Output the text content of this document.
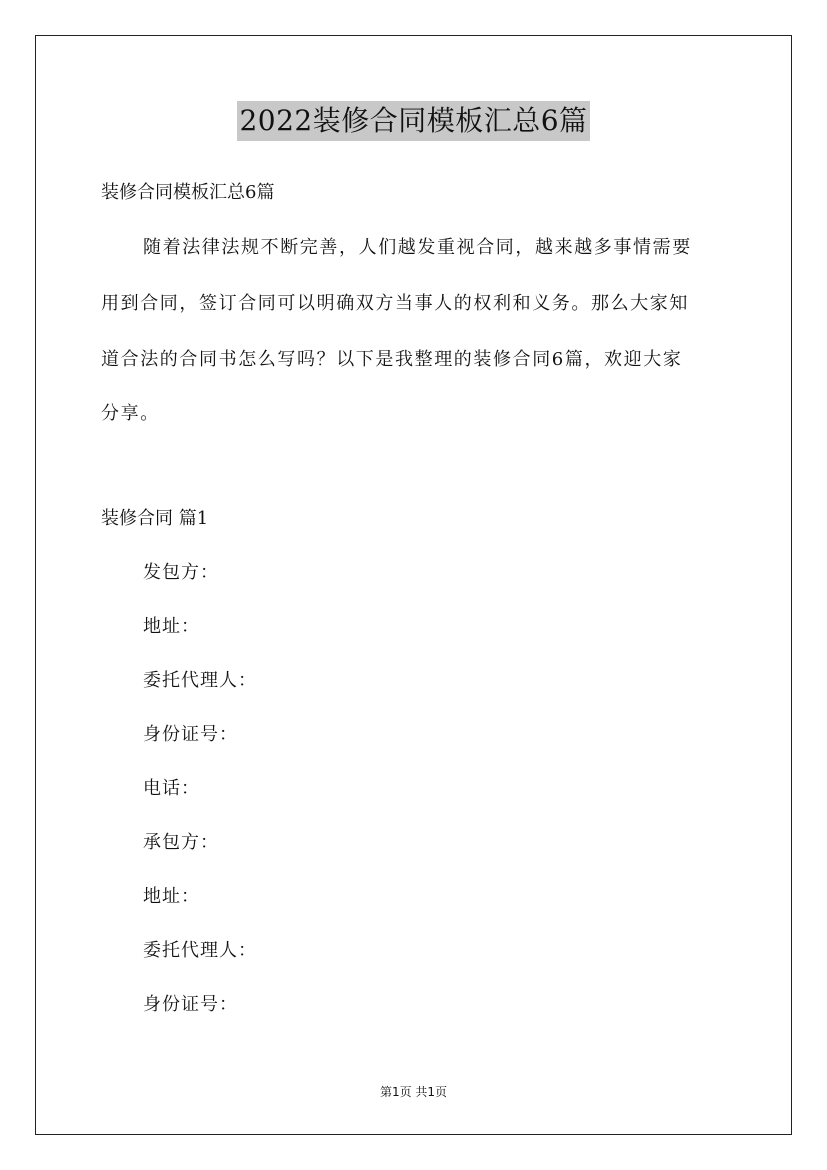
2022装修合同模板汇总6篇
装修合同模板汇总6篇
随着法律法规不断完善，人们越发重视合同，越来越多事情需要
用到合同，签订合同可以明确双方当事人的权利和义务。那么大家知
道合法的合同书怎么写吗？以下是我整理的装修合同6篇，欢迎大家
分享。
装修合同 篇1
发包方：
地址：
委托代理人：
身份证号：
电话：
承包方：
地址：
委托代理人：
身份证号：
第1页 共1页
